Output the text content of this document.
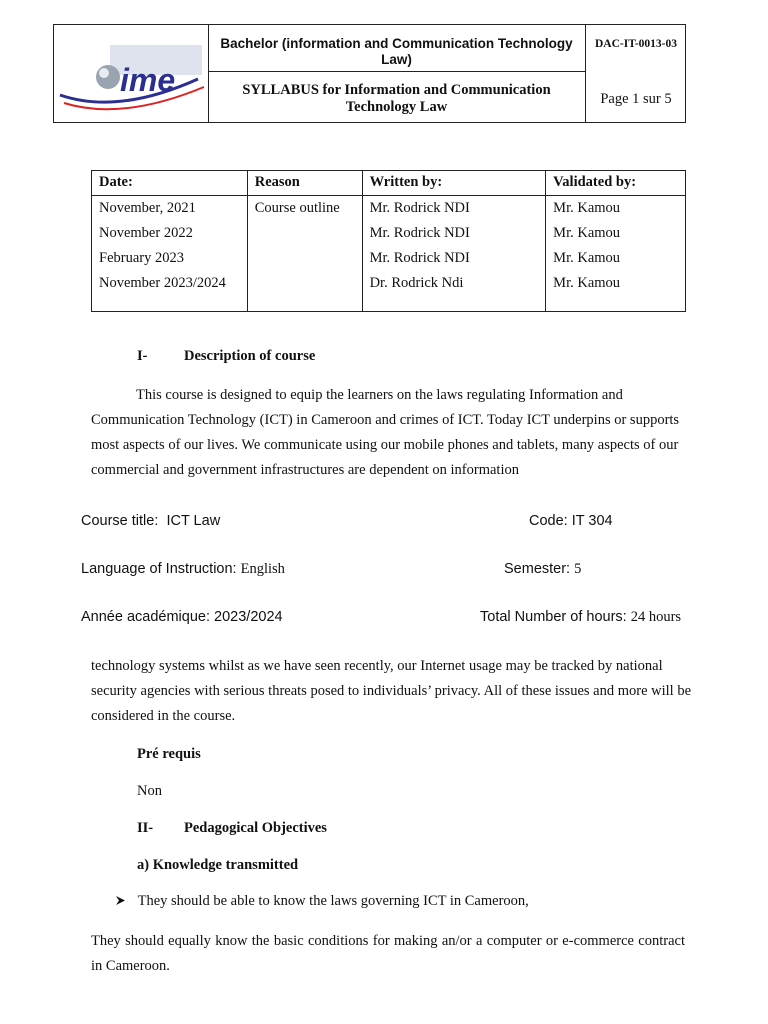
ime
Bachelor (information and Communication Technology Law)
SYLLABUS for Information and Communication Technology Law
DAC-IT-0013-03
Page 1 sur 5
Date:	Reason	Written by:	Validated by:
November, 2021	Course outline	Mr. Rodrick NDI	Mr. Kamou
November 2022		Mr. Rodrick NDI	Mr. Kamou
February 2023		Mr. Rodrick NDI	Mr. Kamou
November 2023/2024		Dr. Rodrick Ndi	Mr. Kamou
I-	Description of course
This course is designed to equip the learners on the laws regulating Information and Communication Technology (ICT) in Cameroon and crimes of ICT. Today ICT underpins or supports most aspects of our lives. We communicate using our mobile phones and tablets, many aspects of our commercial and government infrastructures are dependent on information
Course title: ICT Law	Code: IT 304
Language of Instruction: English	Semester: 5
Année académique: 2023/2024	Total Number of hours: 24 hours
technology systems whilst as we have seen recently, our Internet usage may be tracked by national security agencies with serious threats posed to individuals’ privacy. All of these issues and more will be considered in the course.
Pré requis
Non
II- Pedagogical Objectives
a) Knowledge transmitted
They should be able to know the laws governing ICT in Cameroon,
They should equally know the basic conditions for making an/or a computer or e-commerce contract in Cameroon.
